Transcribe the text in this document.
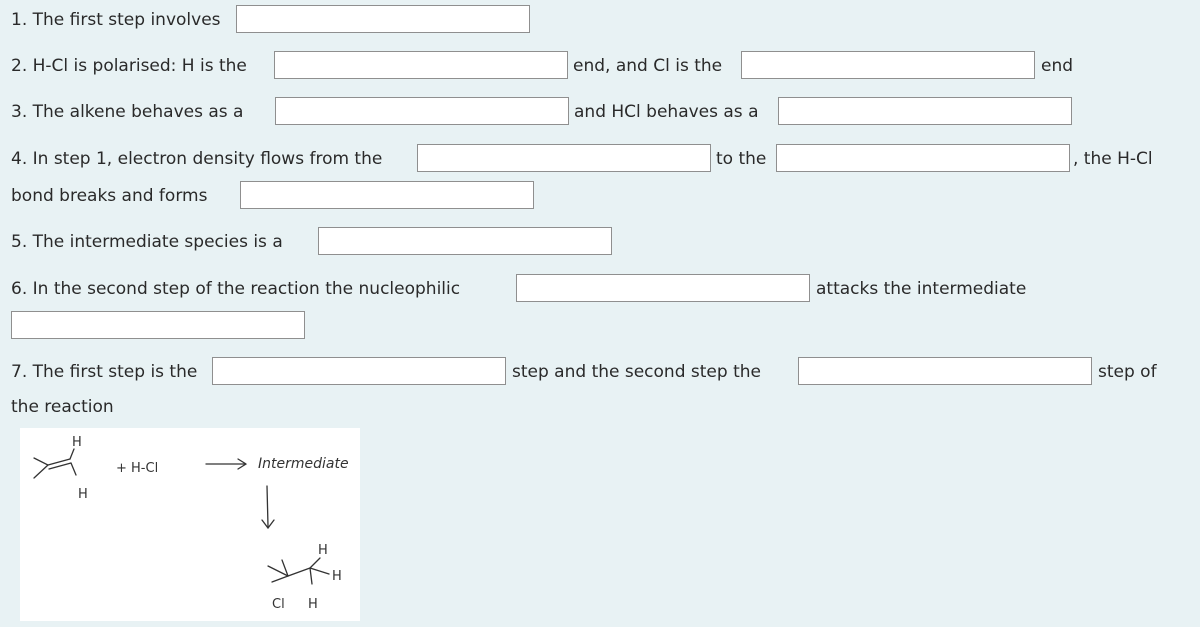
1. The first step involves
2. H-Cl is polarised: H is the	end, and Cl is the	end
3. The alkene behaves as a	and HCl behaves as a
4. In step 1, electron density flows from the	to the	, the H-Cl
bond breaks and forms
5. The intermediate species is a
6. In the second step of the reaction the nucleophilic	attacks the intermediate
7. The first step is the	step and the second step the	step of
the reaction
H
H
+ H-Cl	Intermediate
H
H
Cl H
